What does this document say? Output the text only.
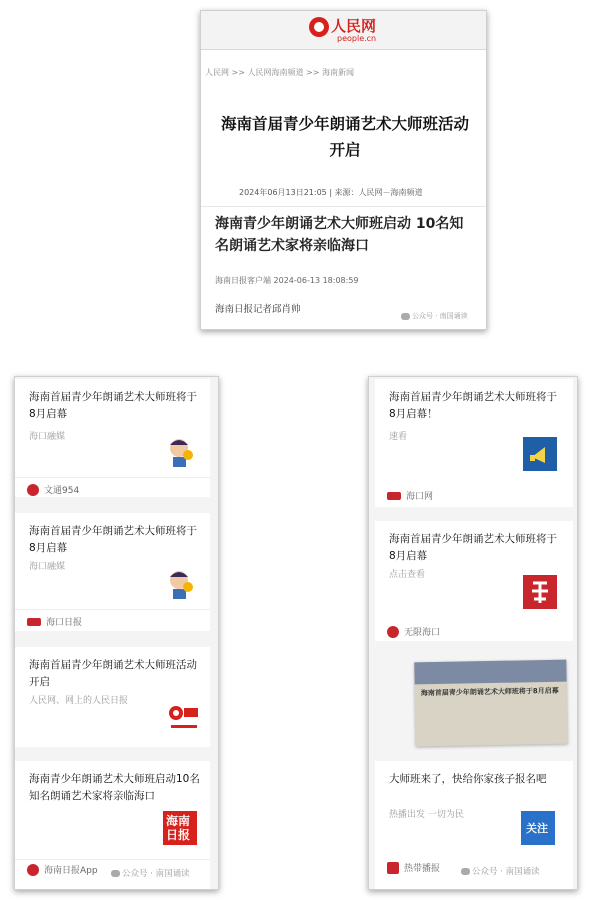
人民网
people.cn
人民网 >> 人民网海南频道 >> 海南新闻
海南首届青少年朗诵艺术大师班活动开启
2024年06月13日21:05 | 来源：人民网－海南频道
海南青少年朗诵艺术大师班启动 10名知名朗诵艺术家将亲临海口
海南日报客户端 2024-06-13 18:08:59
海南日报记者邱肖帅
公众号 · 南国诵读
海南首届青少年朗诵艺术大师班将于8月启幕
海口融媒
文通954
海南首届青少年朗诵艺术大师班将于8月启幕
海口融媒
海口日报
海南首届青少年朗诵艺术大师班活动开启
人民网、网上的人民日报
海南青少年朗诵艺术大师班启动10名知名朗诵艺术家将亲临海口
海南日报
海南日报App	公众号 · 南国诵读
海南首届青少年朗诵艺术大师班将于8月启幕！
速看
海口网
海南首届青少年朗诵艺术大师班将于8月启幕
点击查看
无限海口
海南首届青少年朗诵艺术大师班将于8月启幕
大师班来了，快给你家孩子报名吧
热播出发 一切为民
关注
热带播报	公众号 · 南国诵读
